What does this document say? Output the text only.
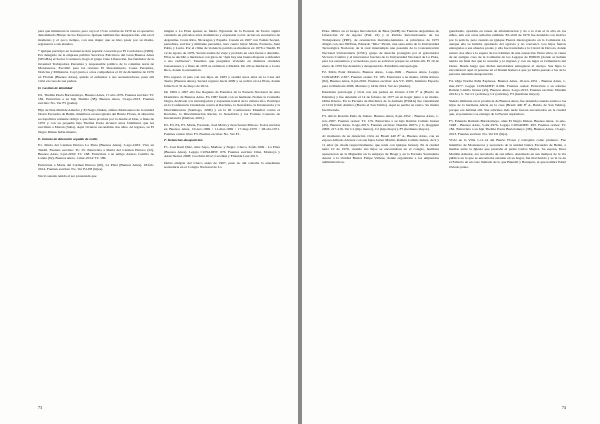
para que ministrara la carrera, pero cayó el 15 de octubre de 1976 en el operativo denominado Hinojo de los Turpavos. Quique también fue desaparecido, ella en el momento y el poco tiempo, con una mujer que se hizo pasar por su madre, regresaron a sus abuelos.

* Quique participó en la insurrección popular conocida por El Cordobazo (1969). Era delegado de la empresa pública Servicios Eléctricos del Gran Buenos Aires (SEGBA) el Sector Costanera, llegó al grupo Cine Liberación, fue fundador de la Juventud Trabajadora Peronista y responsable político de la columna norte de Montoneros. Escribió para las revistas El Descamisado, Causa Peronista, Noticias y Militancia. Cayó junto a otros compañeros el 10 de diciembre de 1976 en Florida (Buenos Aires), quizás al enfrentar a sus secuestradores, pues allí vivió en casa de sus padres.

D. Gestión de identidad

D1. Thelma Paola Bartolomeyo, Buenos Aires, 17-abr-1976. Fuentes escritas: TC 182. Entrevista a su hija Thelma (38), Buenos Aires, 13-ago-2013. Fuentes escritas: No. Ver F5 (padre).

Hija de Don Matilde Amador y El Negro Dukas, ambos Montoneros de la unidad básica Escuadra de Belén, miembros en una iglesia del Barrio Flores, la situación sociopolítica reinante obligó a que fuera provista por la madre al Don, a fines de 1976 y con su pequeña hija Thelma Paola alcanzó unos familiares que les escribían a Mucan (Salta). Aquí vivieron escondidas dos años. Al regreso, su El Negro Dukas había muerto.

E. Intento de detención seguido de exilio

E1. María del Carmen Pintoro La Plata (Buenos Aires), 5-ago-1963. Vive en Tandil. Fuentes escritas: TC 25. Entrevista a María del Carmen Pintoro (52), Buenos Aires, 5-jul-2016: TC 168. Entrevista a su amigo Alonso Castillo de Landa (62), Buenos Aires, 1-mar-2014: TC 189.

Entrevista a María del Carmen Pintoro (60), La Plata (Buenos Aires), 18-feb-2014. Fuentes escritas: No. Ver E2-E8 (hijos).

Nació sanada tenida al ser protestada que

ningún a La Plata apenas se fundó. Egresada de la Escuela de Teatro siguió cantando en privados artes dramáticas y expresión vocal. Actuó en escenarios de Argentina, Costa Rica, Nicaragua y España. Casada en 1967 con Tomás Securé, periodista, escritor y militante peronista, tuvo cuatro hijos: María, Facundo, Juan Pablo y Lucía. Por el clima de violencia partido se mudaron en 1976 a Tandil. El 12 de agosto de 1976, Securé estaba de viaje y probado en caza fuerte a detenido. Ellas se decidió a mudarnos con giros de "Ayú hay una buena disposta a defender a sus cadáveres". Tenemos que preguntar viviendo en distintas ciudades bonaerenses y a fines de 1976 se exiliaron a Madrid. De allí se mudaron a Costa Rica, donde la encuentran.

Ella regresó al país con sus hijos en 1983 y residió unos años en la Casa del Teatro (Buenos Aires). Securé regresó hacia 2009 y se radicó en La Plata, donde falleció el 31 de mayo de 2014.

De 1984 a 1997 ella fue Regente de Estudios de la Escuela Nacional de Arte Dramático de Buenos Aires. En 1987 fundó con su hermano Nomas la Comedia Negra, dedicada a la investigación y expresión teatral de la cultura afro. Participó en la Conferencia Ciudadana contra el Racismo, la Xenofobia, la Intolerancia y la Discriminación (Santiago, 2000) y en la III Conferencia Mundial contra el Racismo, la Discriminación Racial, la Xenofobia y las Formas Conexas de Intolerancia (Durban, 2001).

E2, E3, E4, E5. María, Facundo, José María y Juan Seuret Pintoro. Todos nacidos en Buenos Aires, 19-nov-1969 / 11-mar-1969 / 17-may-1970 / 28-abr-1971. Fuentes orales: libro F3. Fuentes escritas: No. Ver E1.

F. Detención-desaparición

F1. José Raúl Díaz, alias Sapo, Mañoso y Negro. Chaco, 6-feb-1949 - La Plata (Buenos Aires). Legajo CONADEP: 676. Fuentes escritas: Díaz, Montoya y Adán Suárez 2008; Cecchini 2012; Cecchini y Elizalde Leal 2013.

Debió emigrar del Chaco antes de 1967, pues no ahí contaba la enseñanza secundaria en el Colegio Nacional de La

73

Plata. Militó en el Grupo Revolución de Base (GRB) las Fuerzas Argentinas de Liberación 22 de Agosto (FAL 22) y el Partido Revolucionario de los Trabajadores (PRT), de orientación marxista-leninista. A principios de 1975 dirigió con otro PRTista, Eduardo "Dito" Pirotti, una sana arma de la Universidad Tecnológica Nacional, de la cual interrumpía una pasantía de la Concentración Nacional Universitaria (CNU), grupo de derecha protegido por el gobernador Victorio Calabró y el interventor fascista de la Universidad Nacional de La Plata, para los encuentros y acreedores, pero se salvaron porque no existía allí. El 10 de enero de 1976 fue detenido y desaparecido. Estudiaba antropología.

F2. Mirta Estér Montero. Buenos Aires, 1-sep-1949 - Buenos Aires. Legajo CONADEP: 2.307. Fuentes orales: TC 185. Entrevista a su madre, Otilia Rivero (82), Buenos Aires, 6-jul-2010. Fuentes escritas: AA.VV. 2005, Instituto Espacio para la Memoria 2006, Montero y Ortiz 2012. Ver A1 (madre).

Estudiaba psicología y vivía con sus padres en Uriarte 2130 3° A (Barrio de Palermo) y fue detenida el 14 de febrero de 1977 en su hogar junto a su madre, Otilia Rivero. En la Escuela de Mecánica de la Armada (ESMA) fue visualizada el CCD (Club Atlético (Barrio el San Telmo). Aquí se perdió su rastro. Su madre fue liberada.

F3. Alicia Rosalía Peña de Juárez. Buenos Aires, 6-jul-1952 - Buenos Aires, 1-nov-1987. Fuentes orales: TC 179. Entrevista a su hijo Ramón Camilo Juárez (45), Buenos Aires, 6-ago-2013. Fuentes escritas: Dandán 2007a y b, Reggiani 2006: 217-219. Ver C1 (hijo menor), C2 (hijo mayor), F5 (hermano mayor).

Al momento de su detención vivía en Brasil 440 8° A, Buenos Aires, con su esposo Alfredo Alvarez con sus hijos Javier Martín, Ramón Camilo Juárez, de 9 y 11 años (la citada respectivamente, que tenía con Quique Juárez). En la ciudad tenía 10 de 1976, cuando sus hijos se encontraban en el colegio, hombres aparecieron en la Miguelón en la Ampaya de Braga y en la Escuela Secundaria Anexa a la Unidad Básica Felipe Vallese, donde organizaba a los empleados administrativos.

guardaréis, ayudaba en tareas de alfabetización y da a la cruz el la ella en los niños, aún con otras señorías también. En abril de 1976 fue detenida con motivo por la policía, pero cuando su Quique Fuerza interrogatorio en la Comisaría 14, aunque ella se hallaba ayudando del agravio y no convencí. Los hijos fueron entregados a sus abuelos pronto y ella fue trasladada a la Cárcel de Devoto, donde estuvo dos años a la espera de los trámites de una acusación. Entre ellos, la causa de un antiguo caso de la Comisión de los Legajos de HIDOS (donde se habían tenido un final del que la acusaba y la ingresó y con un lugar el Cementerio del Oeste. Desde luego que dichas autoridades entregaron el cuerpo. Sus hijos lo encontraron aquí al ponerse en el Daniel Rebecca que ya había pasado a las de la persona detenida-desaparecida.

F4. Olga Norma Peña Espinosa. Buenos Aires, 16-nov-1951 - Buenos Aires, 1-mar-1977. Legajo CONADEP: 6.694. Fuentes orales: Entrevista a su sobrino Ramón Camilo Juárez (45), Buenos Aires, 6-ago-2013. Fuentes escritas: Dandán 2013a y b. Ver C1 (sobrino), C2 (sobrino), F3 (hermana mayor).

Siendo militante en la provincia de Buenos Aires, fue detenida cuando estaba a los hijos de la hermana Alicia en la casa (Brasil 440 8° A, Barrio de San Telmo), porque era habitué allí. Sus sobrinos más tarde fueron encontrados en la ciudad que, el parentesco se entregó de la Fuerza aspiradora.

F5. Eduardo Rómulo Bartolomeyo, alias El Negro Dukas. Buenos Aires, 11-ene-1948 - Buenos Aires, 5-abr-1976. Legajo CONADEP: 493. Fuentes orales: TC 182. Entrevista a su hija Thelma Paola Bartolomeyo (38), Buenos Aires, 13-ago-2013. Fuentes escritas: No. Ver D1 (hija).

Vivió en la Villa 1-11-14 del Barrio Flores y trabajaba como plomero. Fue miembro de Montoneros y secretario de la unidad básica Escuadra de Belén, a medias entre la Iglesia que prestaba el padre Carlos Mujica. Su esposa, Dora Matilde Amador, era secretaria de sus niños. Asesinado en sus tiempos de la vía pública en la que se encontraba estando en su hogar, fue mal herido y se le ve en el Fallecio en un caso llamado de lo que Bianchi y Bonaprat, la que nombre Pabel Oviedo paleo.

74
